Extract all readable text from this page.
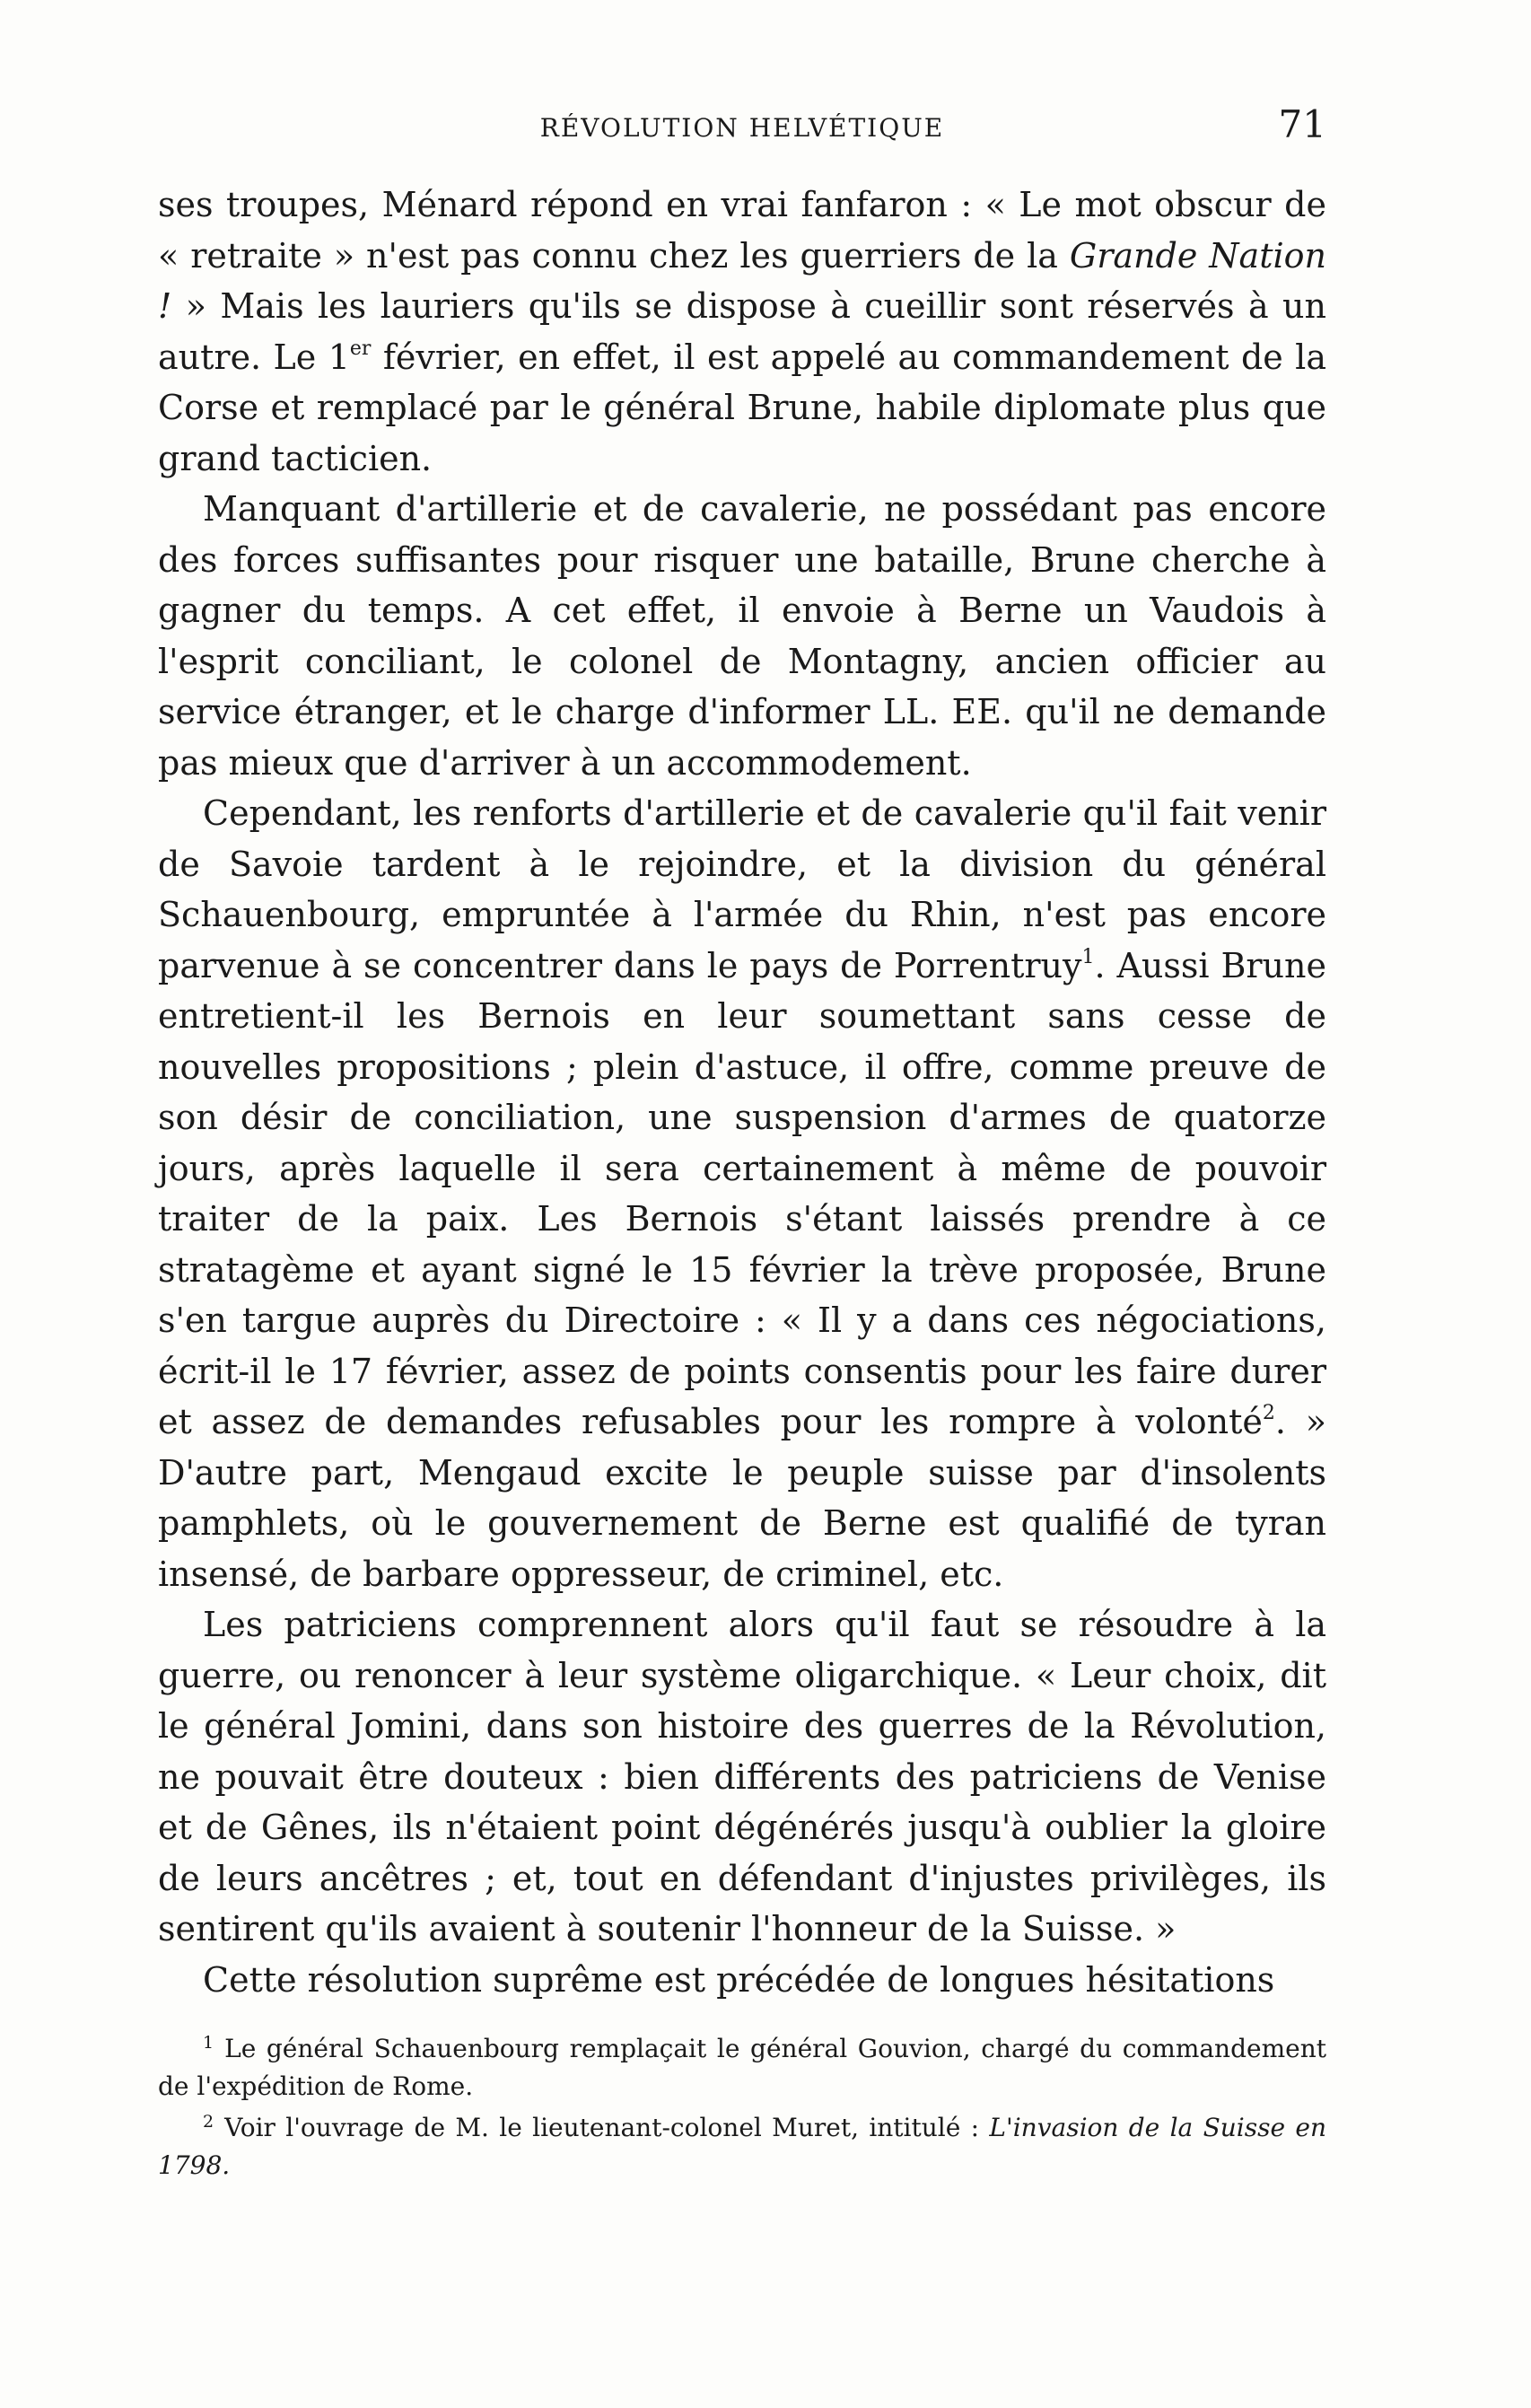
RÉVOLUTION HELVÉTIQUE	71

ses troupes, Ménard répond en vrai fanfaron : « Le mot obscur de « retraite » n'est pas connu chez les guerriers de la Grande Nation ! » Mais les lauriers qu'ils se dispose à cueillir sont réservés à un autre. Le 1er février, en effet, il est appelé au commandement de la Corse et remplacé par le général Brune, habile diplomate plus que grand tacticien.

Manquant d'artillerie et de cavalerie, ne possédant pas encore des forces suffisantes pour risquer une bataille, Brune cherche à gagner du temps. A cet effet, il envoie à Berne un Vaudois à l'esprit conciliant, le colonel de Montagny, ancien officier au service étranger, et le charge d'informer LL. EE. qu'il ne demande pas mieux que d'arriver à un accommodement.

Cependant, les renforts d'artillerie et de cavalerie qu'il fait venir de Savoie tardent à le rejoindre, et la division du général Schauenbourg, empruntée à l'armée du Rhin, n'est pas encore parvenue à se concentrer dans le pays de Porrentruy$^1$. Aussi Brune entretient-il les Bernois en leur soumettant sans cesse de nouvelles propositions ; plein d'astuce, il offre, comme preuve de son désir de conciliation, une suspension d'armes de quatorze jours, après laquelle il sera certainement à même de pouvoir traiter de la paix. Les Bernois s'étant laissés prendre à ce stratagème et ayant signé le 15 février la trève proposée, Brune s'en targue auprès du Directoire : « Il y a dans ces négociations, écrit-il le 17 février, assez de points consentis pour les faire durer et assez de demandes refusables pour les rompre à volonté$^2$. » D'autre part, Mengaud excite le peuple suisse par d'insolents pamphlets, où le gouvernement de Berne est qualifié de tyran insensé, de barbare oppresseur, de criminel, etc.

Les patriciens comprennent alors qu'il faut se résoudre à la guerre, ou renoncer à leur système oligarchique. « Leur choix, dit le général Jomini, dans son histoire des guerres de la Révolution, ne pouvait être douteux : bien différents des patriciens de Venise et de Gênes, ils n'étaient point dégénérés jusqu'à oublier la gloire de leurs ancêtres ; et, tout en défendant d'injustes privilèges, ils sentirent qu'ils avaient à soutenir l'honneur de la Suisse. »

Cette résolution suprême est précédée de longues hésitations

$^1$ Le général Schauenbourg remplaçait le général Gouvion, chargé du commandement de l'expédition de Rome.

$^2$ Voir l'ouvrage de M. le lieutenant-colonel Muret, intitulé : L'invasion de la Suisse en 1798.
